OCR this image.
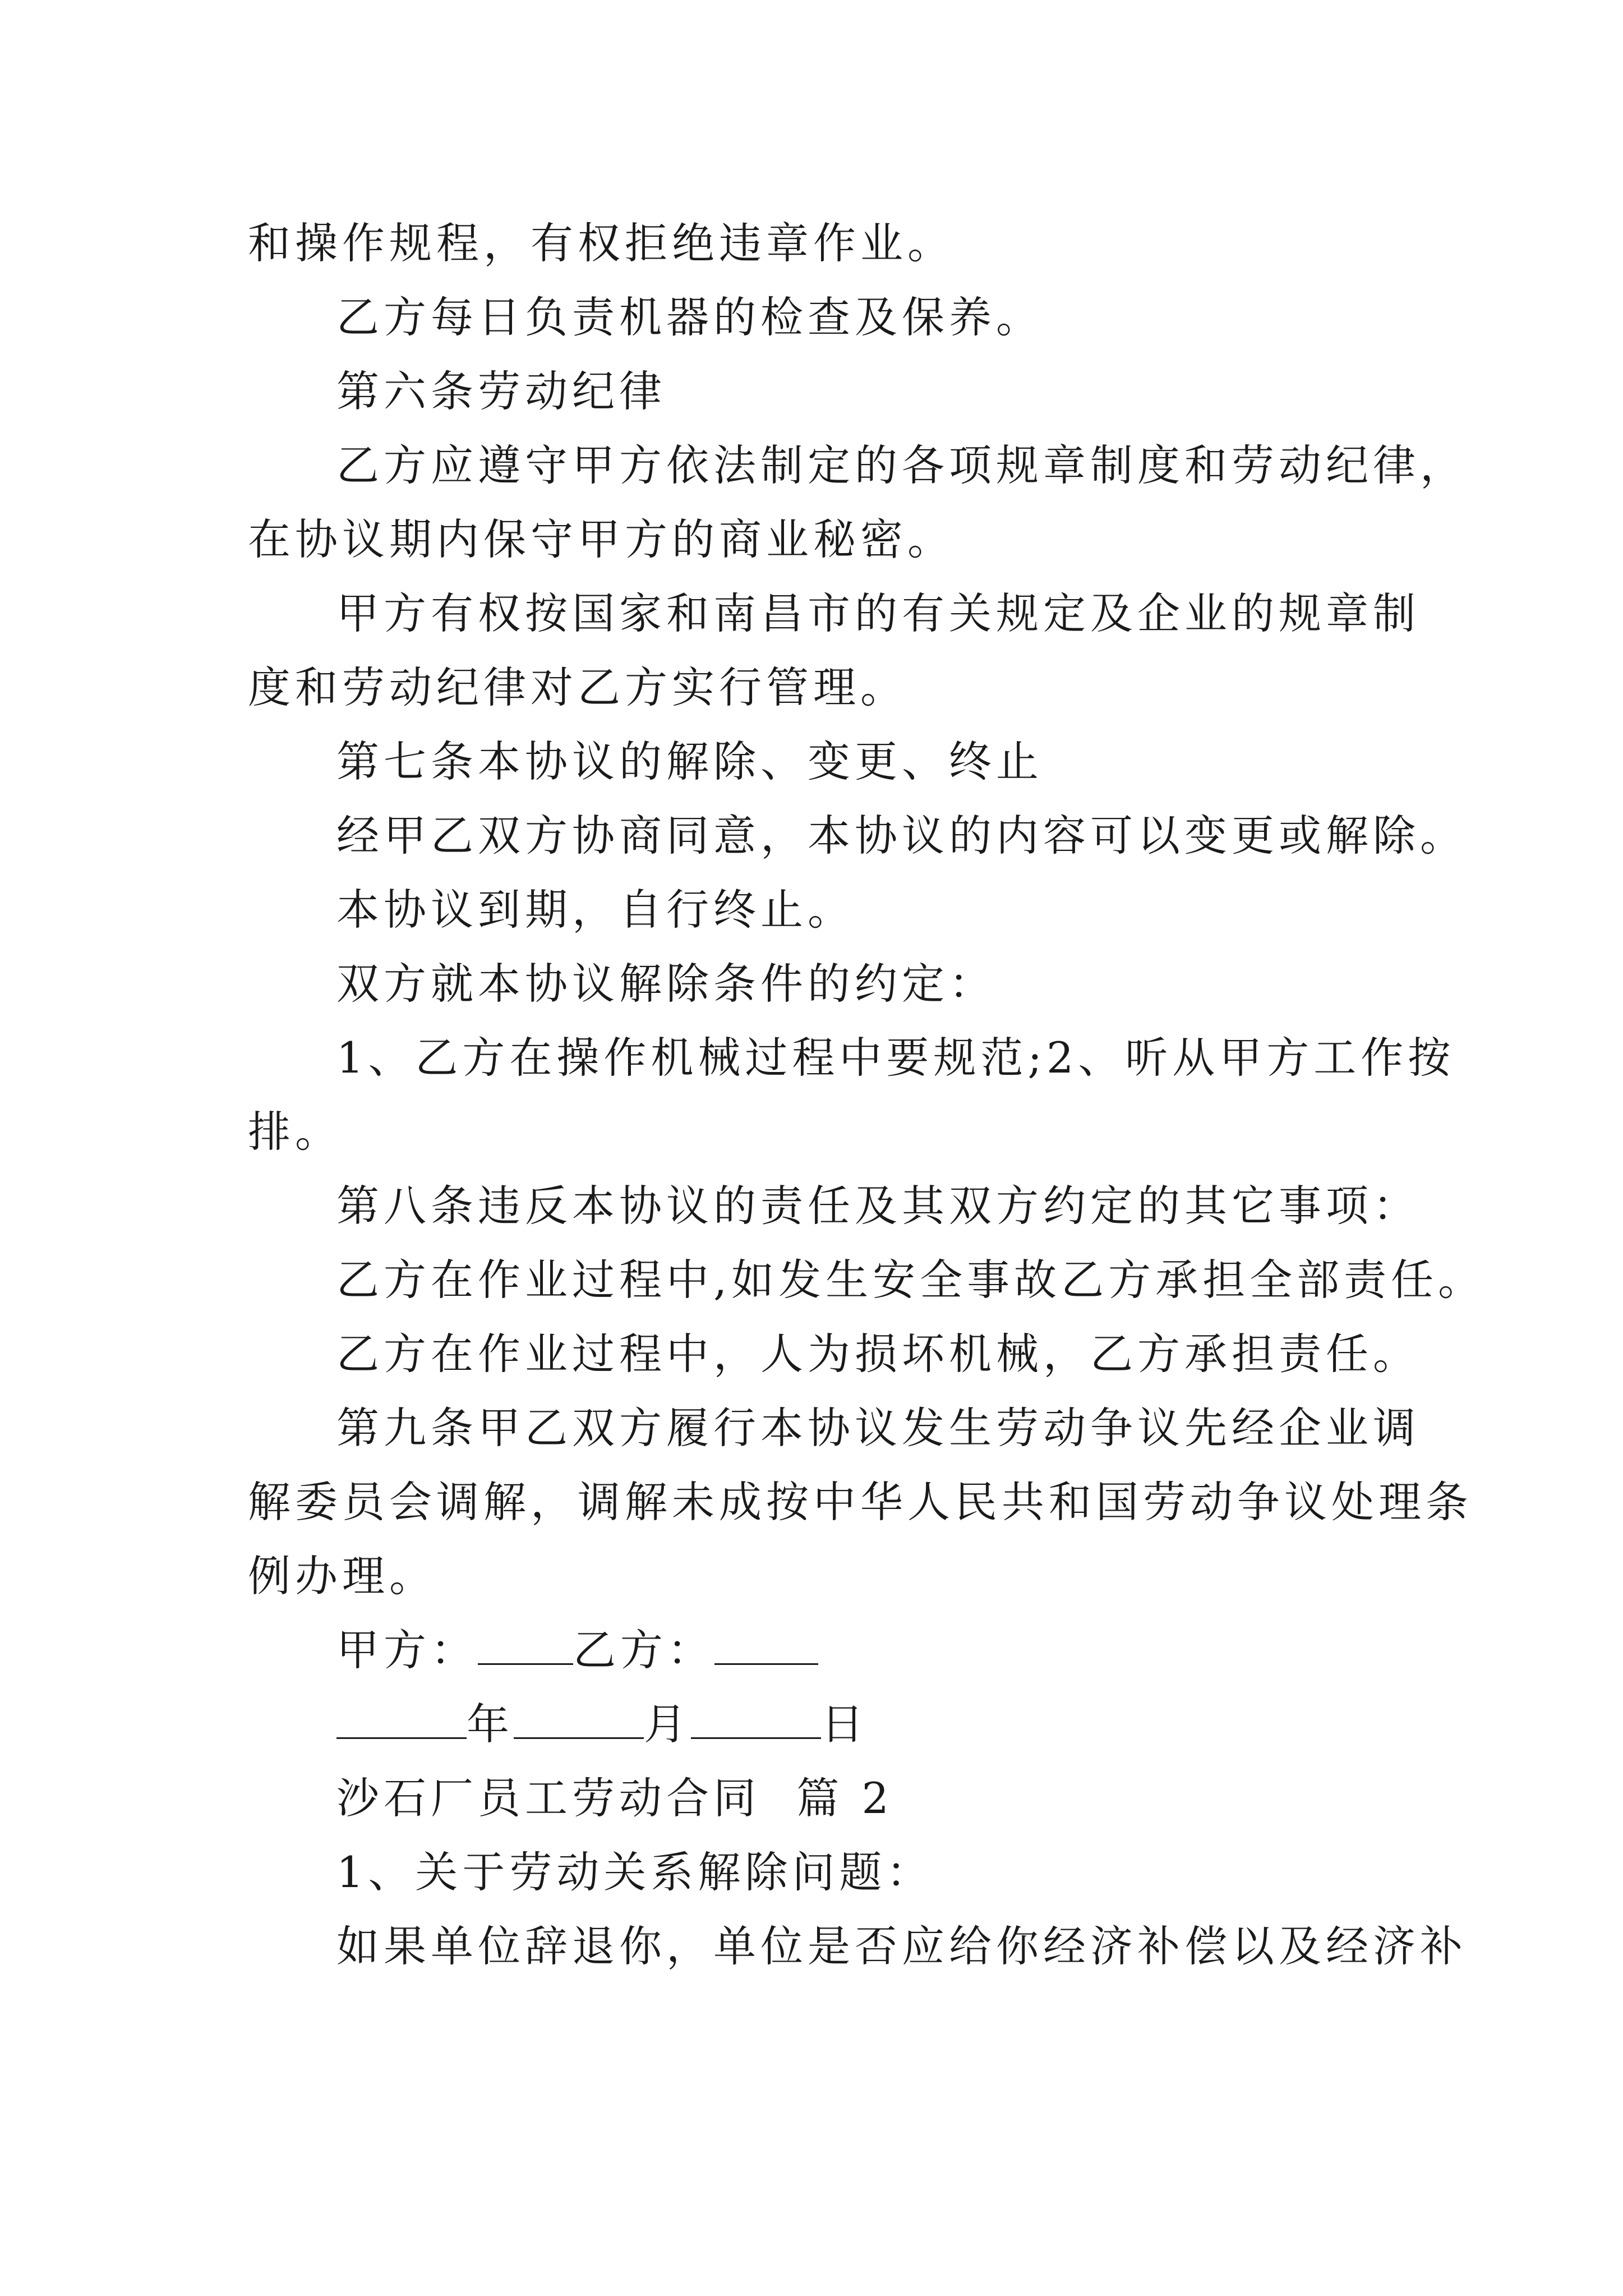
和操作规程，有权拒绝违章作业。
乙方每日负责机器的检查及保养。
第六条劳动纪律
乙方应遵守甲方依法制定的各项规章制度和劳动纪律，
在协议期内保守甲方的商业秘密。
甲方有权按国家和南昌市的有关规定及企业的规章制
度和劳动纪律对乙方实行管理。
第七条本协议的解除、变更、终止
经甲乙双方协商同意，本协议的内容可以变更或解除。
本协议到期，自行终止。
双方就本协议解除条件的约定：
1、乙方在操作机械过程中要规范;2、听从甲方工作按
排。
第八条违反本协议的责任及其双方约定的其它事项：
乙方在作业过程中,如发生安全事故乙方承担全部责任。
乙方在作业过程中，人为损坏机械，乙方承担责任。
第九条甲乙双方履行本协议发生劳动争议先经企业调
解委员会调解，调解未成按中华人民共和国劳动争议处理条
例办理。
甲方： 乙方：
年	月	日
沙石厂员工劳动合同  篇 2
1、关于劳动关系解除问题：
如果单位辞退你，单位是否应给你经济补偿以及经济补
